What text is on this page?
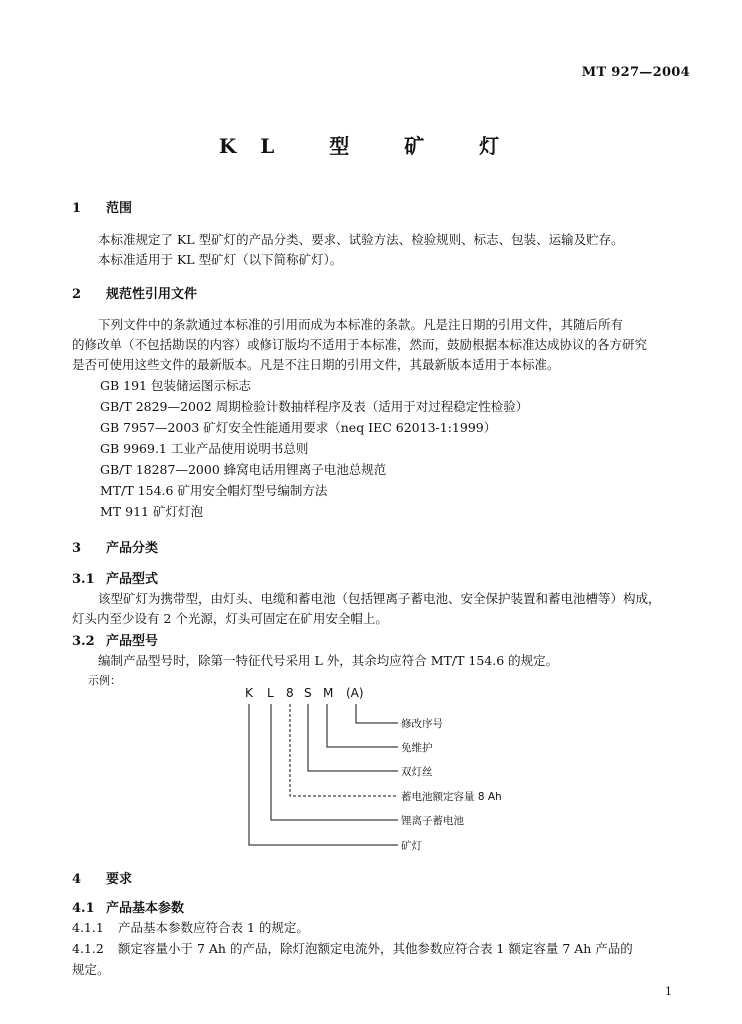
MT 927—2004
KL 型 矿 灯
1 范围
本标准规定了 KL 型矿灯的产品分类、要求、试验方法、检验规则、标志、包装、运输及贮存。
本标准适用于 KL 型矿灯（以下简称矿灯）。
2 规范性引用文件
下列文件中的条款通过本标准的引用而成为本标准的条款。凡是注日期的引用文件，其随后所有
的修改单（不包括勘误的内容）或修订版均不适用于本标准，然而，鼓励根据本标准达成协议的各方研究
是否可使用这些文件的最新版本。凡是不注日期的引用文件，其最新版本适用于本标准。
GB 191 包装储运图示标志
GB/T 2829—2002 周期检验计数抽样程序及表（适用于对过程稳定性检验）
GB 7957—2003 矿灯安全性能通用要求（neq IEC 62013-1:1999）
GB 9969.1 工业产品使用说明书总则
GB/T 18287—2000 蜂窝电话用锂离子电池总规范
MT/T 154.6 矿用安全帽灯型号编制方法
MT 911 矿灯灯泡
3 产品分类
3.1 产品型式
该型矿灯为携带型，由灯头、电缆和蓄电池（包括锂离子蓄电池、安全保护装置和蓄电池槽等）构成，
灯头内至少设有 2 个光源，灯头可固定在矿用安全帽上。
3.2 产品型号
编制产品型号时，除第一特征代号采用 L 外，其余均应符合 MT/T 154.6 的规定。
示例：
K L 8 S M (A)
修改序号
免维护
双灯丝
蓄电池额定容量 8 Ah
锂离子蓄电池
矿灯
4 要求
4.1 产品基本参数
4.1.1 产品基本参数应符合表 1 的规定。
4.1.2 额定容量小于 7 Ah 的产品，除灯泡额定电流外，其他参数应符合表 1 额定容量 7 Ah 产品的
规定。
1
